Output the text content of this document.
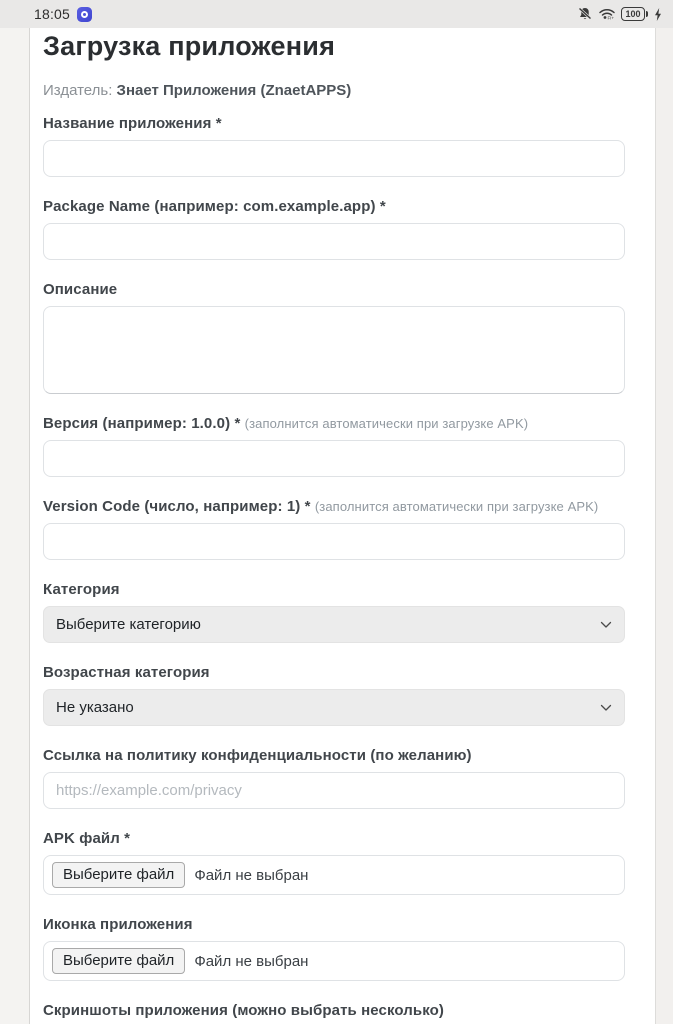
18:05	Fi+ 100
Загрузка приложения

Издатель: Знает Приложения (ZnaetAPPS)

Название приложения *
Package Name (например: com.example.app) *
Описание
Версия (например: 1.0.0) * (заполнится автоматически при загрузке APK)
Version Code (число, например: 1) * (заполнится автоматически при загрузке APK)
Категория
Выберите категорию
Возрастная категория
Не указано
Ссылка на политику конфиденциальности (по желанию)
https://example.com/privacy
APK файл *
Выберите файл	Файл не выбран
Иконка приложения
Выберите файл	Файл не выбран
Скриншоты приложения (можно выбрать несколько)
